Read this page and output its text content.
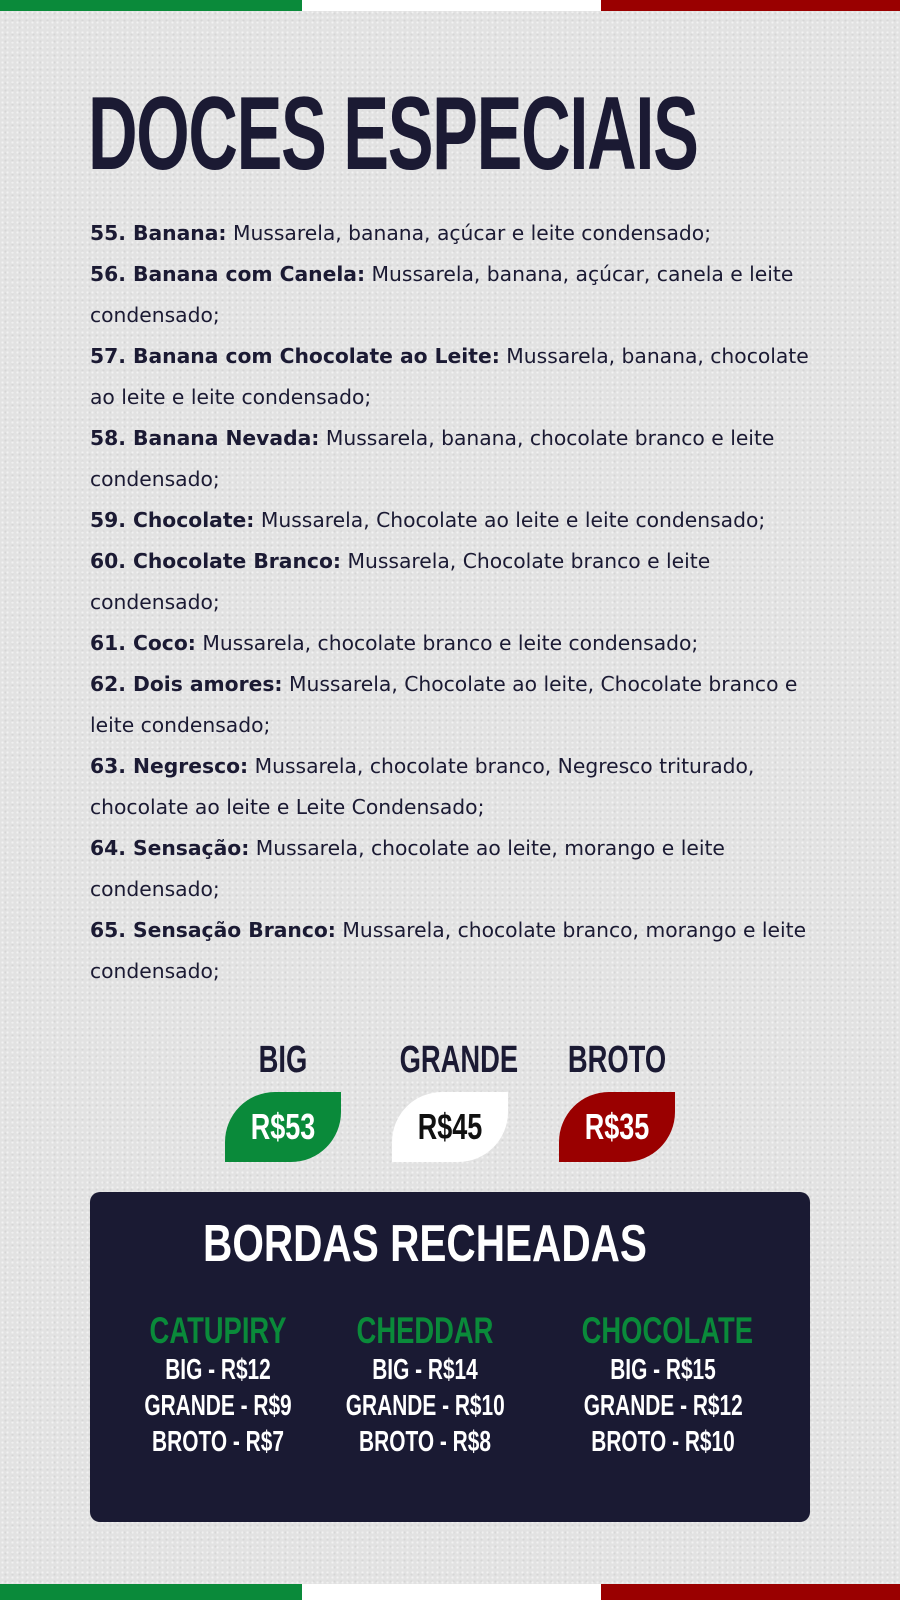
DOCES ESPECIAIS
55. Banana: Mussarela, banana, açúcar e leite condensado;
56. Banana com Canela: Mussarela, banana, açúcar, canela e leite condensado;
57. Banana com Chocolate ao Leite: Mussarela, banana, chocolate ao leite e leite condensado;
58. Banana Nevada: Mussarela, banana, chocolate branco e leite condensado;
59. Chocolate: Mussarela, Chocolate ao leite e leite condensado;
60. Chocolate Branco: Mussarela, Chocolate branco e leite condensado;
61. Coco: Mussarela, chocolate branco e leite condensado;
62. Dois amores: Mussarela, Chocolate ao leite, Chocolate branco e leite condensado;
63. Negresco: Mussarela, chocolate branco, Negresco triturado, chocolate ao leite e Leite Condensado;
64. Sensação: Mussarela, chocolate ao leite, morango e leite condensado;
65. Sensação Branco: Mussarela, chocolate branco, morango e leite condensado;
BIG
R$53
GRANDE
R$45
BROTO
R$35
BORDAS RECHEADAS
CATUPIRY
BIG - R$12
GRANDE - R$9
BROTO - R$7
CHEDDAR
BIG - R$14
GRANDE - R$10
BROTO - R$8
CHOCOLATE
BIG - R$15
GRANDE - R$12
BROTO - R$10
